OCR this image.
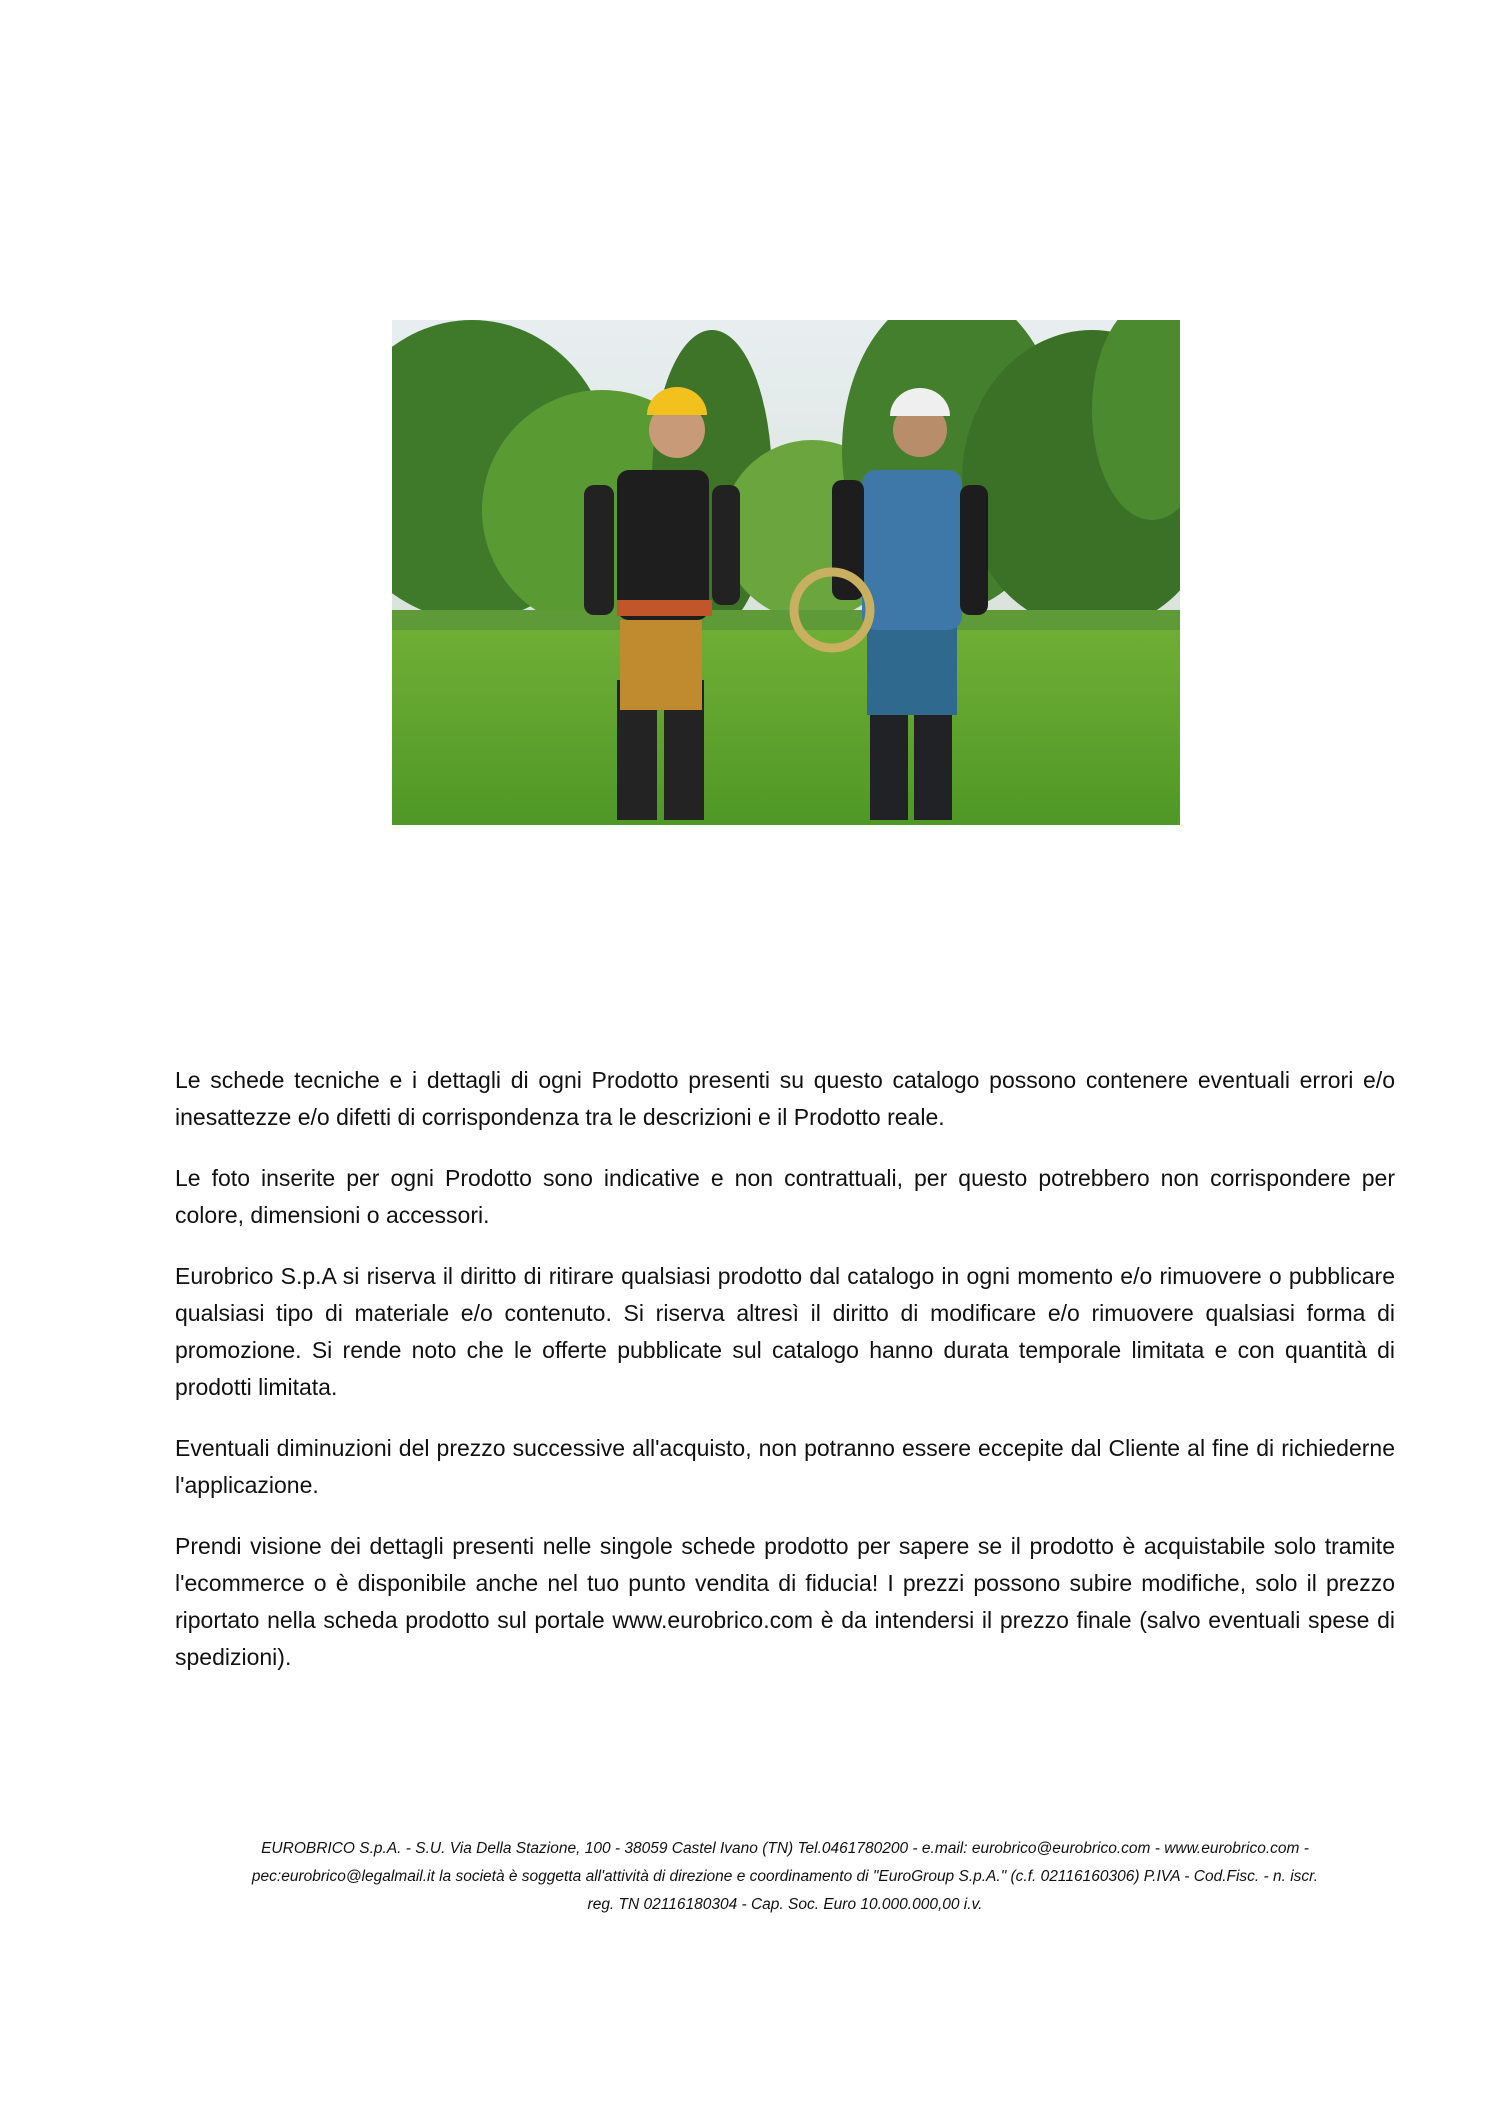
Le schede tecniche e i dettagli di ogni Prodotto presenti su questo catalogo possono contenere eventuali errori e/o inesattezze e/o difetti di corrispondenza tra le descrizioni e il Prodotto reale.

Le foto inserite per ogni Prodotto sono indicative e non contrattuali, per questo potrebbero non corrispondere per colore, dimensioni o accessori.

Eurobrico S.p.A si riserva il diritto di ritirare qualsiasi prodotto dal catalogo in ogni momento e/o rimuovere o pubblicare qualsiasi tipo di materiale e/o contenuto. Si riserva altresì il diritto di modificare e/o rimuovere qualsiasi forma di promozione. Si rende noto che le offerte pubblicate sul catalogo hanno durata temporale limitata e con quantità di prodotti limitata.

Eventuali diminuzioni del prezzo successive all'acquisto, non potranno essere eccepite dal Cliente al fine di richiederne l'applicazione.

Prendi visione dei dettagli presenti nelle singole schede prodotto per sapere se il prodotto è acquistabile solo tramite l'ecommerce o è disponibile anche nel tuo punto vendita di fiducia! I prezzi possono subire modifiche, solo il prezzo riportato nella scheda prodotto sul portale www.eurobrico.com è da intendersi il prezzo finale (salvo eventuali spese di spedizioni).

EUROBRICO S.p.A. - S.U. Via Della Stazione, 100 - 38059 Castel Ivano (TN) Tel.0461780200 - e.mail: eurobrico@eurobrico.com - www.eurobrico.com -
pec:eurobrico@legalmail.it la società è soggetta all'attività di direzione e coordinamento di "EuroGroup S.p.A." (c.f. 02116160306) P.IVA - Cod.Fisc. - n. iscr.
reg. TN 02116180304 - Cap. Soc. Euro 10.000.000,00 i.v.
